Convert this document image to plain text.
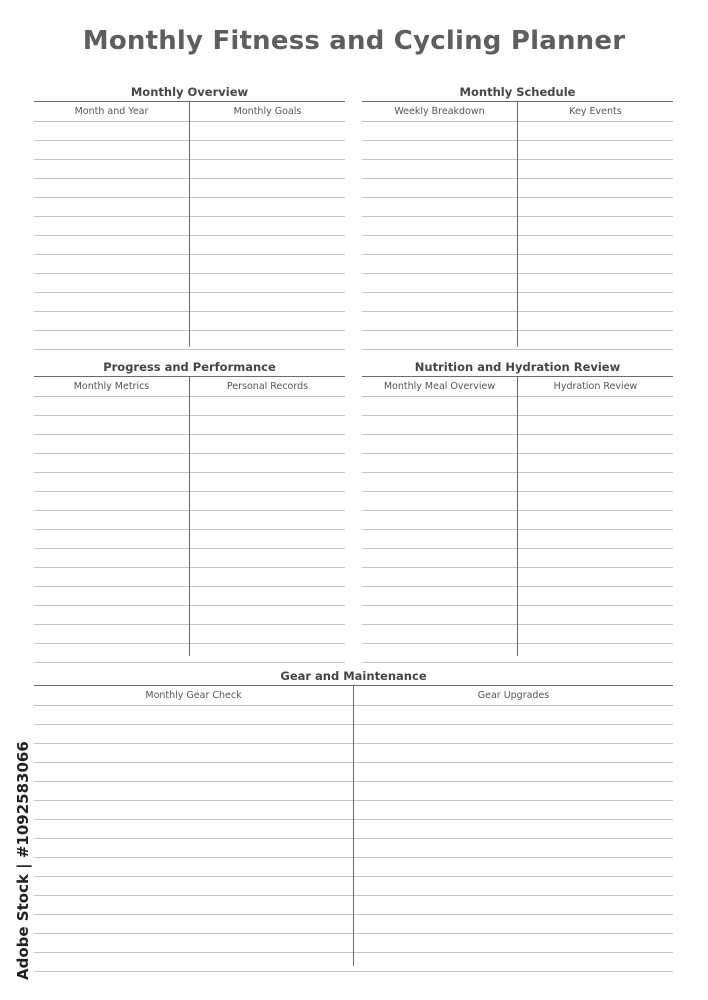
Monthly Fitness and Cycling Planner
Monthly Overview
Month and Year	Monthly Goals
Monthly Schedule
Weekly Breakdown	Key Events
Progress and Performance
Monthly Metrics	Personal Records
Nutrition and Hydration Review
Monthly Meal Overview	Hydration Review
Gear and Maintenance
Monthly Gear Check	Gear Upgrades
Adobe Stock | #1092583066
